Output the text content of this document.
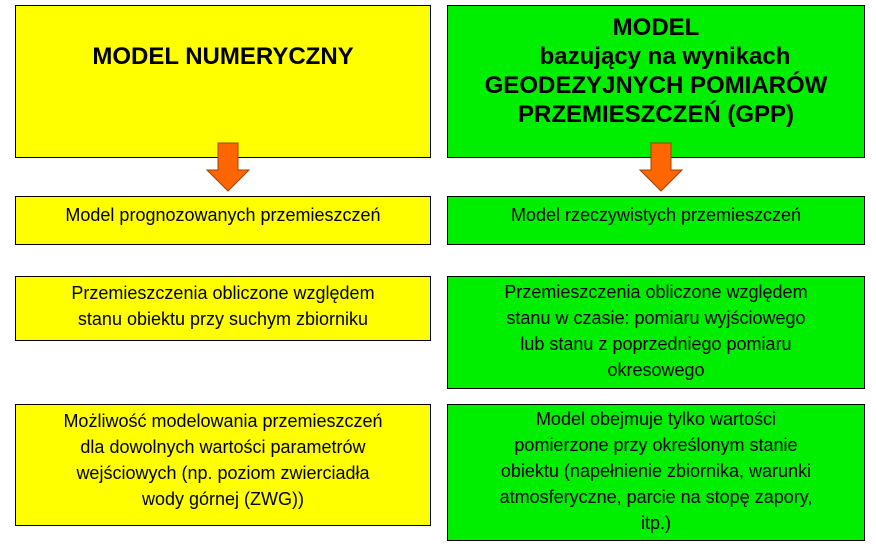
MODEL NUMERYCZNY
MODEL
bazujący na wynikach
GEODEZYJNYCH POMIARÓW
PRZEMIESZCZEŃ (GPP)
Model prognozowanych przemieszczeń	Model rzeczywistych przemieszczeń
Przemieszczenia obliczone względem
stanu obiektu przy suchym zbiorniku
Przemieszczenia obliczone względem
stanu w czasie: pomiaru wyjściowego
lub stanu z poprzedniego pomiaru
okresowego
Możliwość modelowania przemieszczeń
dla dowolnych wartości parametrów
wejściowych (np. poziom zwierciadła
wody górnej (ZWG))
Model obejmuje tylko wartości
pomierzone przy określonym stanie
obiektu (napełnienie zbiornika, warunki
atmosferyczne, parcie na stopę zapory,
itp.)
